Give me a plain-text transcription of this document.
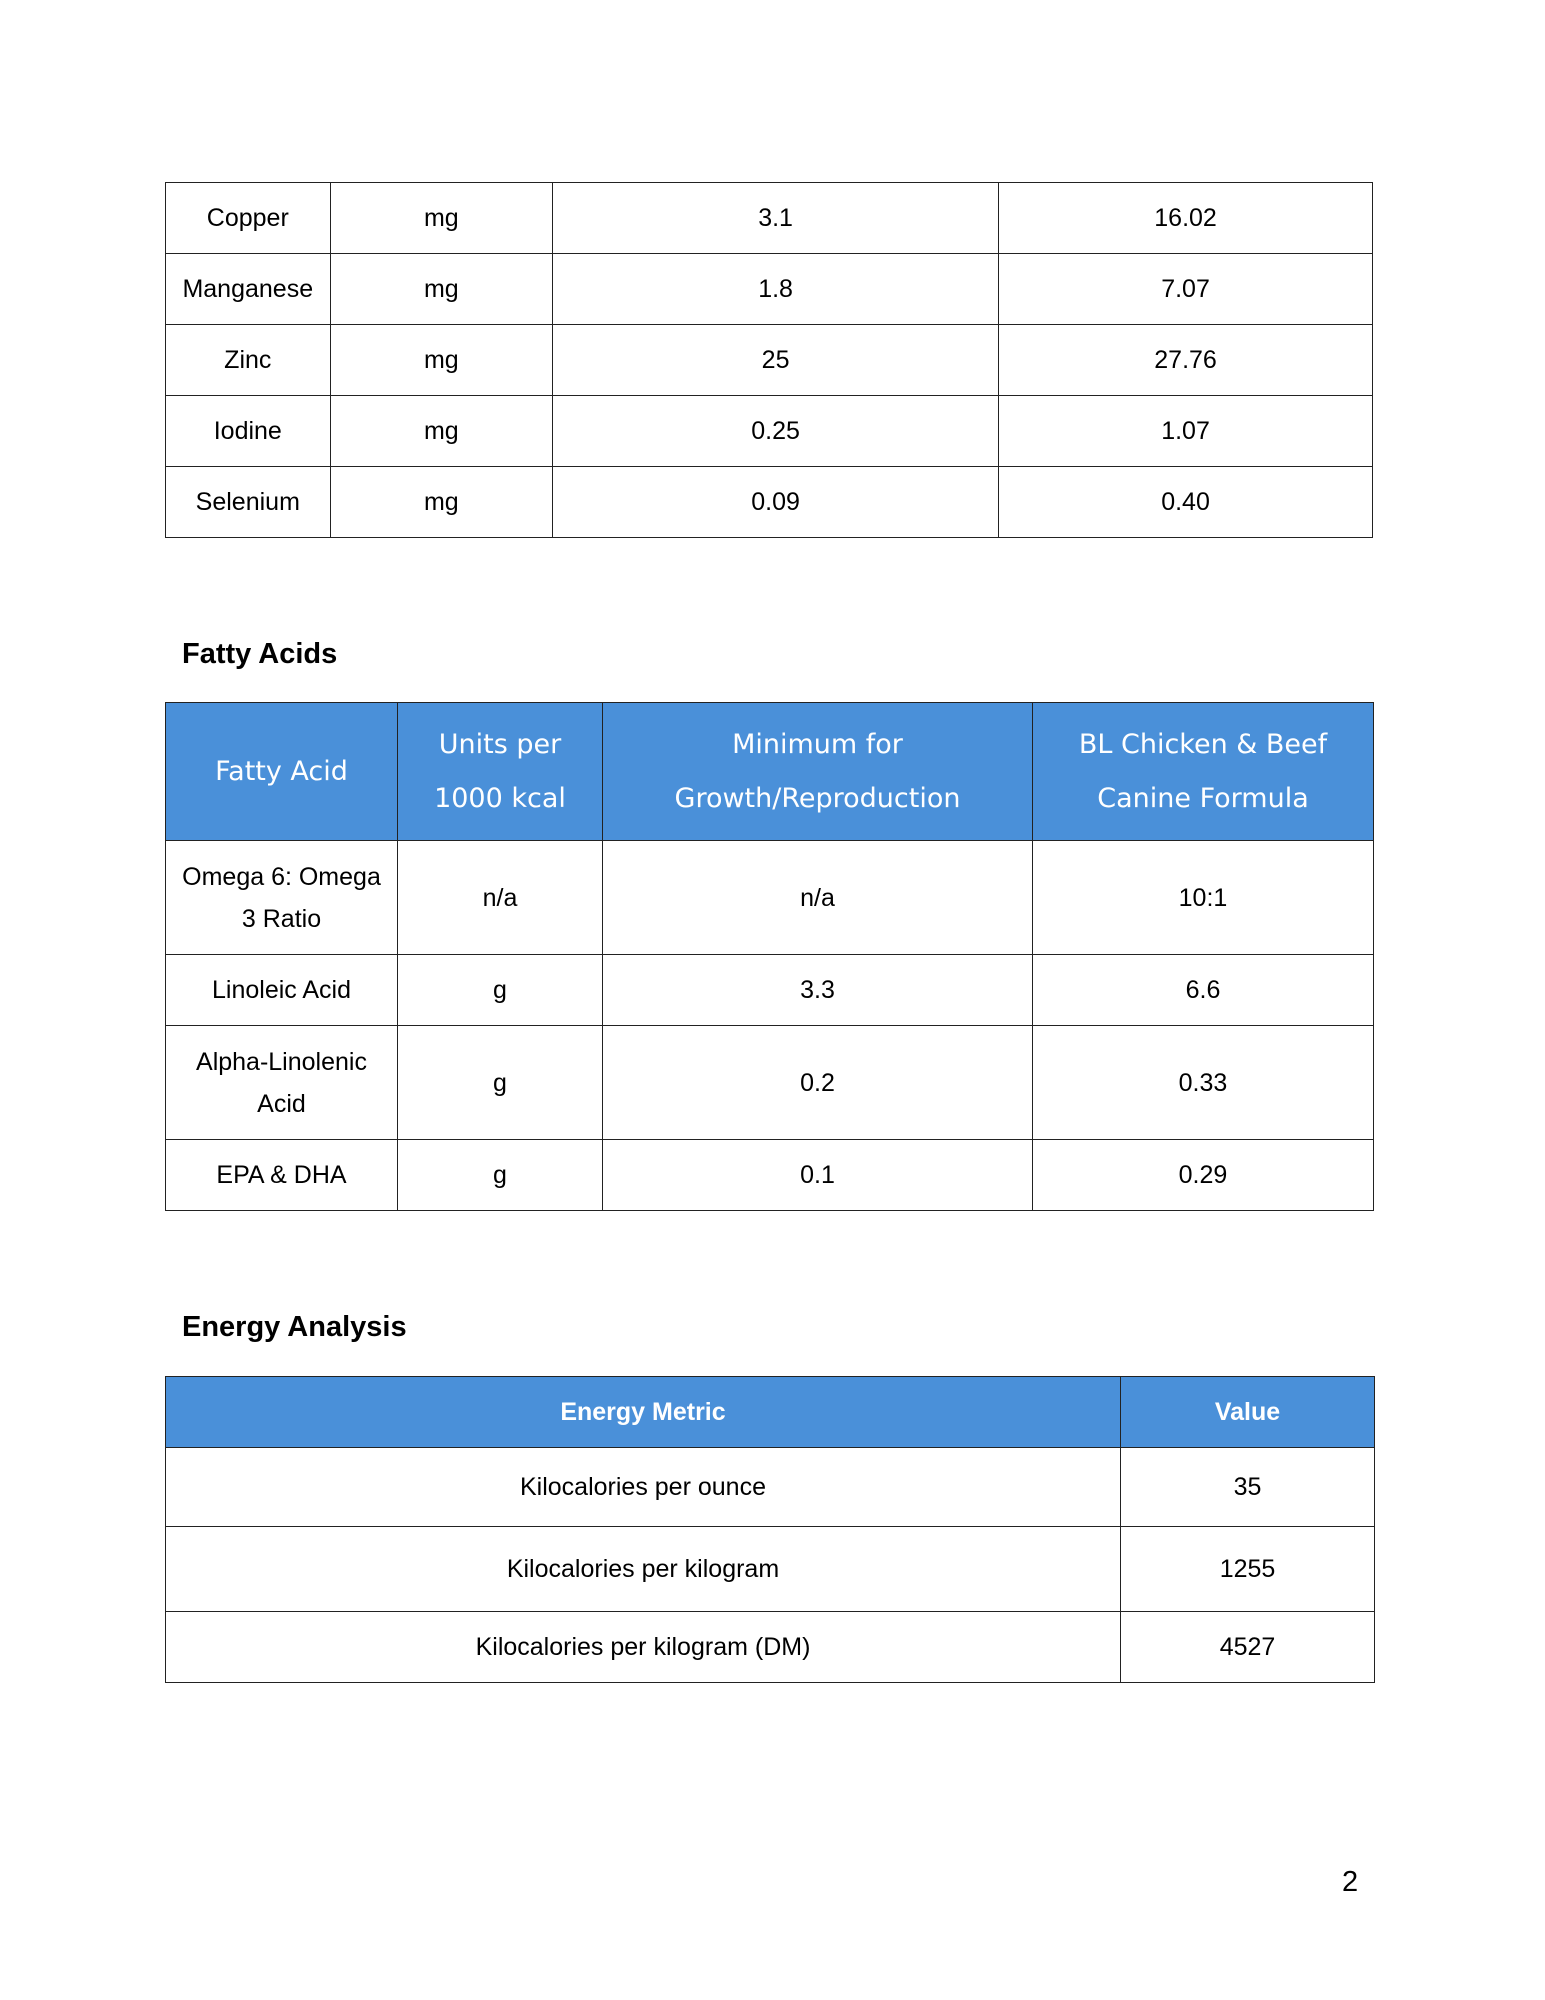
Copper	mg	3.1	16.02
Manganese	mg	1.8	7.07
Zinc	mg	25	27.76
Iodine	mg	0.25	1.07
Selenium	mg	0.09	0.40
Fatty Acids
Fatty Acid	Units per 1000 kcal	Minimum for Growth/Reproduction	BL Chicken & Beef Canine Formula
Omega 6: Omega 3 Ratio	n/a	n/a	10:1
Linoleic Acid	g	3.3	6.6
Alpha-Linolenic Acid	g	0.2	0.33
EPA & DHA	g	0.1	0.29
Energy Analysis
Energy Metric	Value
Kilocalories per ounce	35
Kilocalories per kilogram	1255
Kilocalories per kilogram (DM)	4527
2
